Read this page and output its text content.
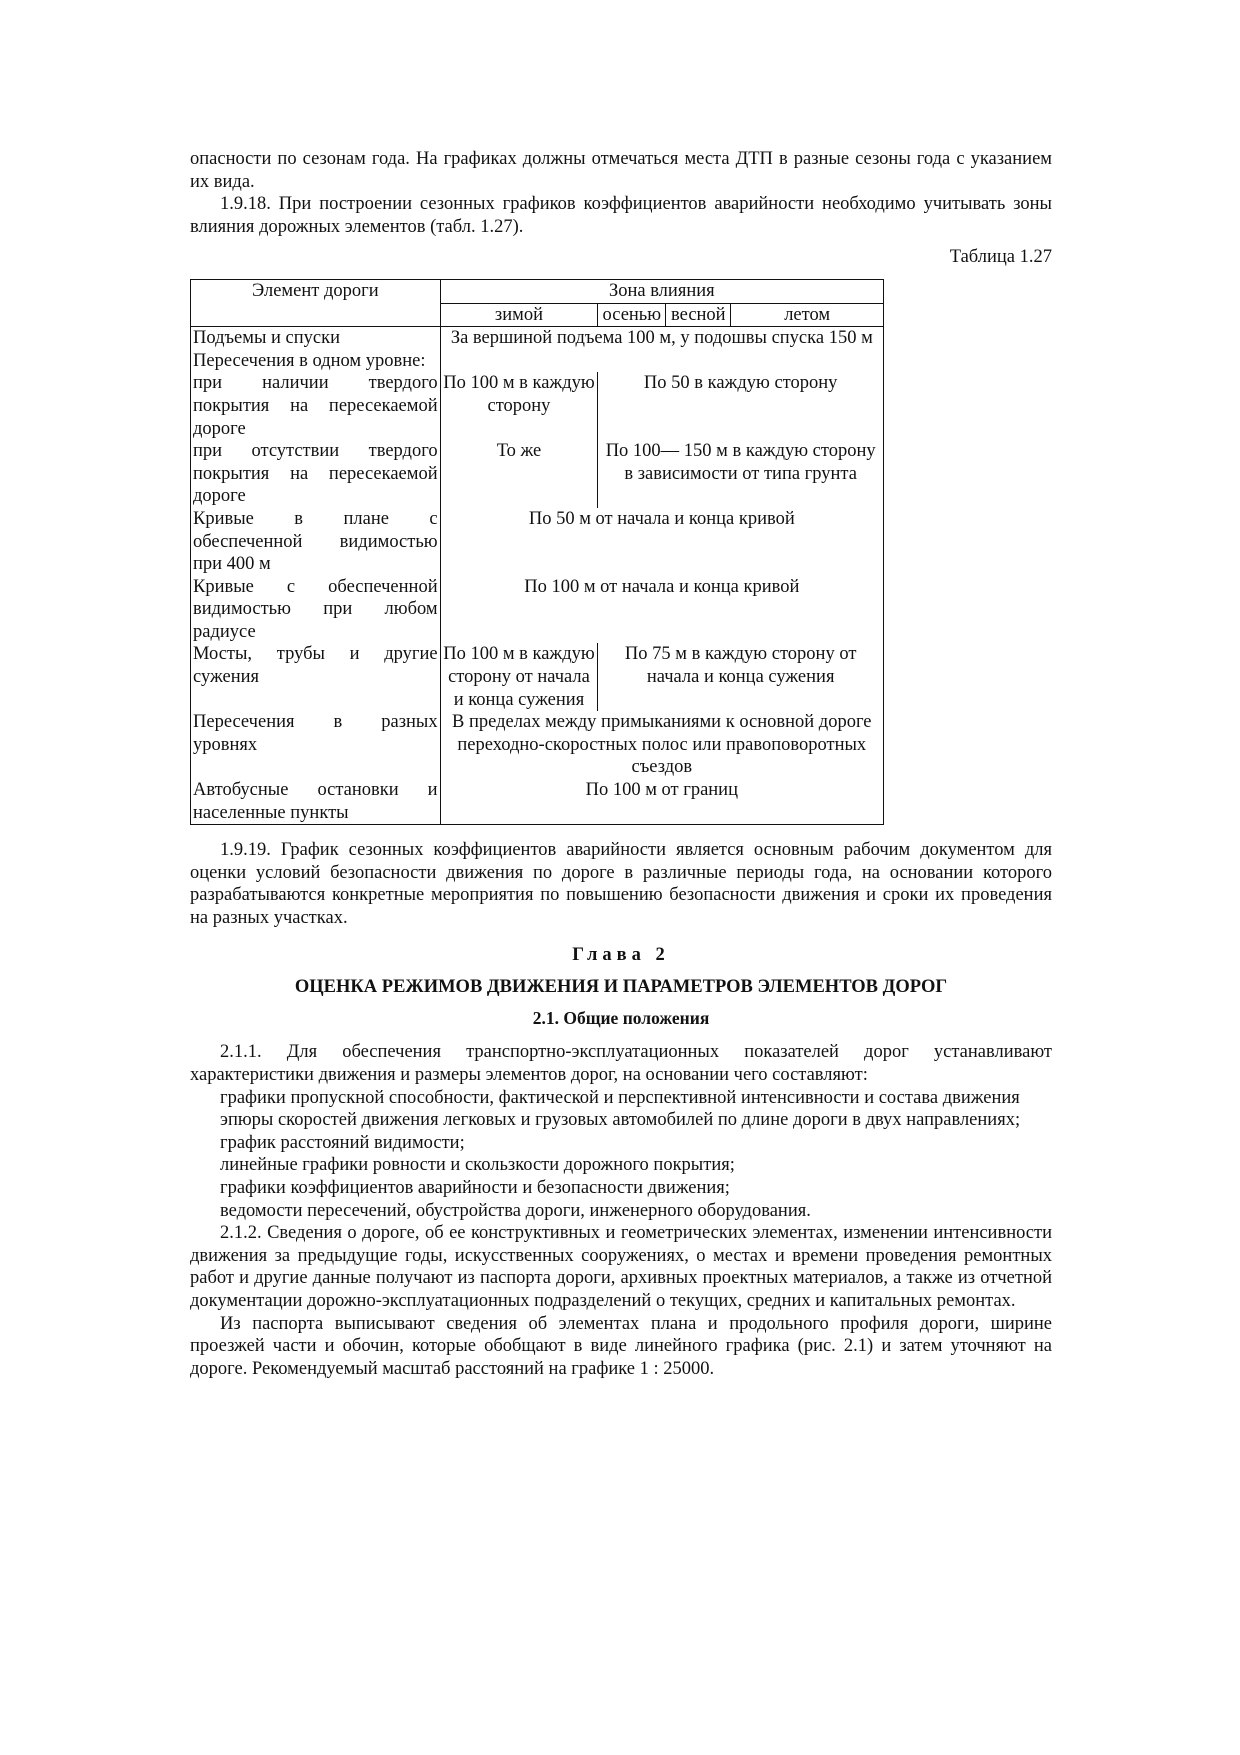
опасности по сезонам года. На графиках должны отмечаться места ДТП в разные сезоны года с указанием их вида.

1.9.18. При построении сезонных графиков коэффициентов аварийности необходимо учитывать зоны влияния дорожных элементов (табл. 1.27).

Таблица 1.27
Элемент дороги	Зона влияния			
	зимой	осенью	весной	летом
Подъемы и спуски	За вершиной подъема 100 м, у подошвы спуска 150 м			
Пересечения в одном уровне:				
при наличии твердого покрытия на пересекаемой дороге	По 100 м в каждую сторону	По 50 в каждую сторону		
при отсутствии твердого покрытия на пересекаемой дороге	То же	По 100— 150 м в каждую сторону в зависимости от типа грунта		
Кривые в плане с обеспеченной видимостью при 400 м	По 50 м от начала и конца кривой			
Кривые с обеспеченной видимостью при любом радиусе	По 100 м от начала и конца кривой			
Мосты, трубы и другие сужения	По 100 м в каждую сторону от начала и конца сужения	По 75 м в каждую сторону от начала и конца сужения		
Пересечения в разных уровнях	В пределах между примыканиями к основной дороге переходно-скоростных полос или правоповоротных съездов			
Автобусные остановки и населенные пункты	По 100 м от границ			

1.9.19. График сезонных коэффициентов аварийности является основным рабочим документом для оценки условий безопасности движения по дороге в различные периоды года, на основании которого разрабатываются конкретные мероприятия по повышению безопасности движения и сроки их проведения на разных участках.

Глава 2
ОЦЕНКА РЕЖИМОВ ДВИЖЕНИЯ И ПАРАМЕТРОВ ЭЛЕМЕНТОВ ДОРОГ
2.1. Общие положения

2.1.1. Для обеспечения транспортно-эксплуатационных показателей дорог устанавливают характеристики движения и размеры элементов дорог, на основании чего составляют:

графики пропускной способности, фактической и перспективной интенсивности и состава движения

эпюры скоростей движения легковых и грузовых автомобилей по длине дороги в двух направлениях;

график расстояний видимости;

линейные графики ровности и скользкости дорожного покрытия;

графики коэффициентов аварийности и безопасности движения;

ведомости пересечений, обустройства дороги, инженерного оборудования.

2.1.2. Сведения о дороге, об ее конструктивных и геометрических элементах, изменении интенсивности движения за предыдущие годы, искусственных сооружениях, о местах и времени проведения ремонтных работ и другие данные получают из паспорта дороги, архивных проектных материалов, а также из отчетной документации дорожно-эксплуатационных подразделений о текущих, средних и капитальных ремонтах.

Из паспорта выписывают сведения об элементах плана и продольного профиля дороги, ширине проезжей части и обочин, которые обобщают в виде линейного графика (рис. 2.1) и затем уточняют на дороге. Рекомендуемый масштаб расстояний на графике 1 : 25000.
